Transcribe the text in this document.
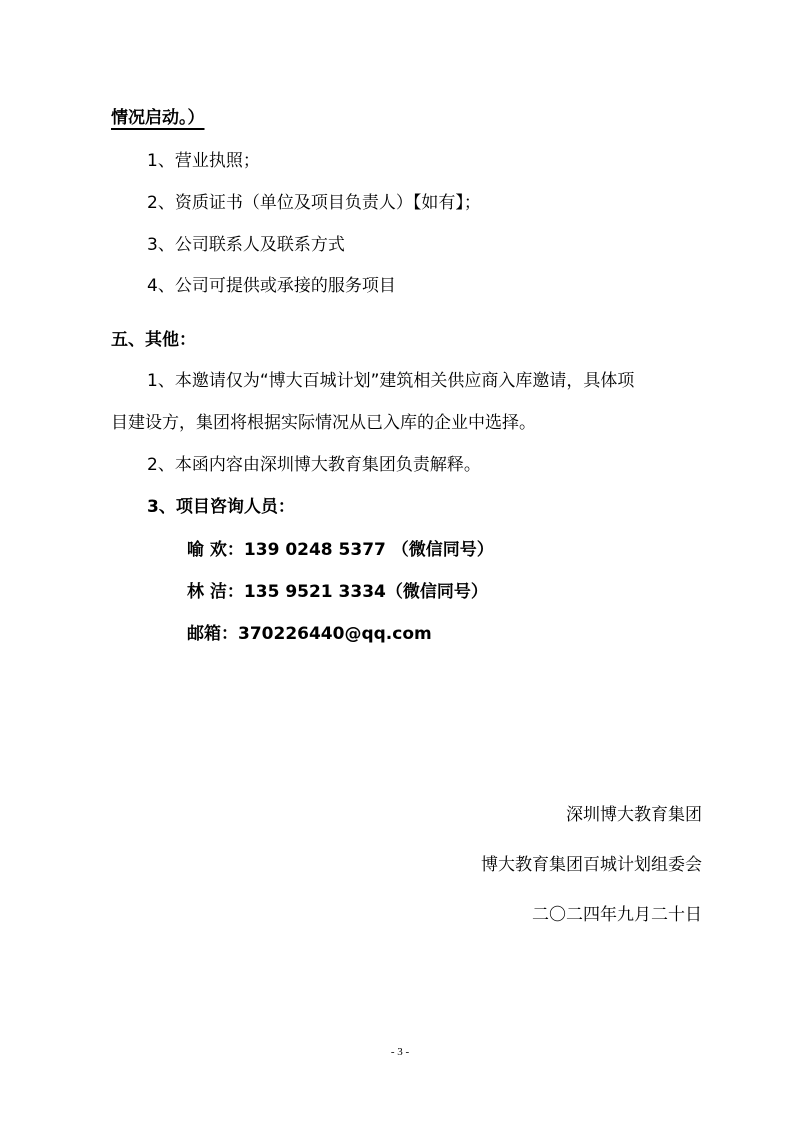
情况启动。）
1、营业执照；
2、资质证书（单位及项目负责人）【如有】；
3、公司联系人及联系方式
4、公司可提供或承接的服务项目
五、其他：
1、本邀请仅为“博大百城计划”建筑相关供应商入库邀请，具体项
目建设方，集团将根据实际情况从已入库的企业中选择。
2、本函内容由深圳博大教育集团负责解释。
3、项目咨询人员：
喻 欢：139 0248 5377 （微信同号）
林 洁：135 9521 3334（微信同号）
邮箱：370226440@qq.com
深圳博大教育集团
博大教育集团百城计划组委会
二〇二四年九月二十日
- 3 -
